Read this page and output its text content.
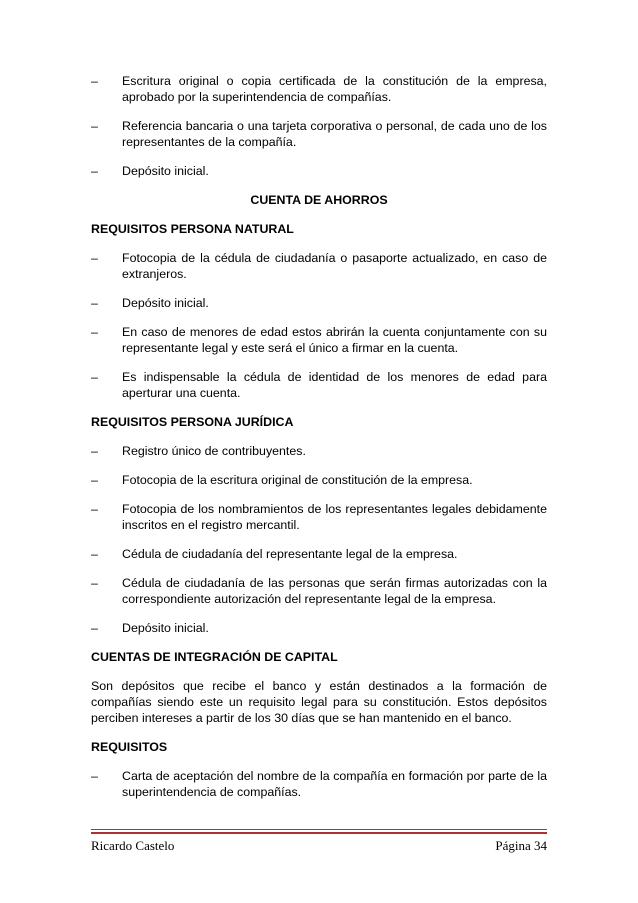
–	Escritura original o copia certificada de la constitución de la empresa, aprobado por la superintendencia de compañías.
–	Referencia bancaria o una tarjeta corporativa o personal, de cada uno de los representantes de la compañía.
–	Depósito inicial.
CUENTA DE AHORROS
REQUISITOS PERSONA NATURAL
–	Fotocopia de la cédula de ciudadanía o pasaporte actualizado, en caso de extranjeros.
–	Depósito inicial.
–	En caso de menores de edad estos abrirán la cuenta conjuntamente con su representante legal y este será el único a firmar en la cuenta.
–	Es indispensable la cédula de identidad de los menores de edad para aperturar una cuenta.
REQUISITOS PERSONA JURÍDICA
–	Registro único de contribuyentes.
–	Fotocopia de la escritura original de constitución de la empresa.
–	Fotocopia de los nombramientos de los representantes legales debidamente inscritos en el registro mercantil.
–	Cédula de ciudadanía del representante legal de la empresa.
–	Cédula de ciudadanía de las personas que serán firmas autorizadas con la correspondiente autorización del representante legal de la empresa.
–	Depósito inicial.
CUENTAS DE INTEGRACIÓN DE CAPITAL
Son depósitos que recibe el banco y están destinados a la formación de compañías siendo este un requisito legal para su constitución. Estos depósitos perciben intereses a partir de los 30 días que se han mantenido en el banco.
REQUISITOS
–	Carta de aceptación del nombre de la compañía en formación por parte de la superintendencia de compañías.
Ricardo Castelo	Página 34
